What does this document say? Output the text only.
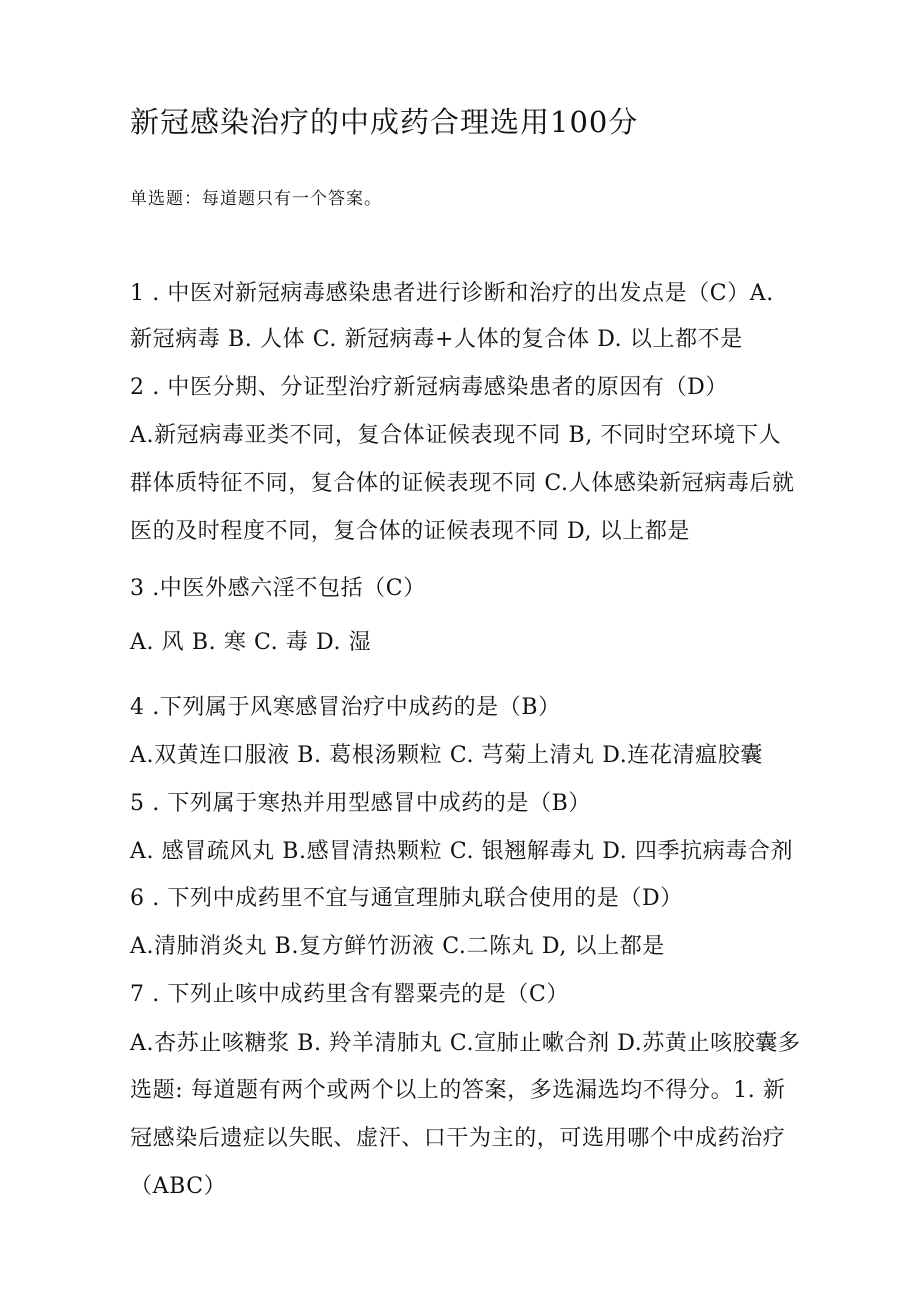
新冠感染治疗的中成药合理选用100分
单选题：每道题只有一个答案。
1 . 中医对新冠病毒感染患者进行诊断和治疗的出发点是（C）A.
新冠病毒 B. 人体 C. 新冠病毒+人体的复合体 D. 以上都不是
2 . 中医分期、分证型治疗新冠病毒感染患者的原因有（D）
A.新冠病毒亚类不同，复合体证候表现不同 B, 不同时空环境下人
群体质特征不同，复合体的证候表现不同 C.人体感染新冠病毒后就
医的及时程度不同，复合体的证候表现不同 D, 以上都是
3 .中医外感六淫不包括（C）
A. 风 B. 寒 C. 毒 D. 湿
4 .下列属于风寒感冒治疗中成药的是（B）
A.双黄连口服液 B. 葛根汤颗粒 C. 芎菊上清丸 D.连花清瘟胶囊
5 . 下列属于寒热并用型感冒中成药的是（B）
A. 感冒疏风丸 B.感冒清热颗粒 C. 银翘解毒丸 D. 四季抗病毒合剂
6 . 下列中成药里不宜与通宣理肺丸联合使用的是（D）
A.清肺消炎丸 B.复方鲜竹沥液 C.二陈丸 D, 以上都是
7 . 下列止咳中成药里含有罂粟壳的是（C）
A.杏苏止咳糖浆 B. 羚羊清肺丸 C.宣肺止嗽合剂 D.苏黄止咳胶囊多
选题: 每道题有两个或两个以上的答案，多选漏选均不得分。1. 新
冠感染后遗症以失眠、虚汗、口干为主的，可选用哪个中成药治疗
（ABC）
